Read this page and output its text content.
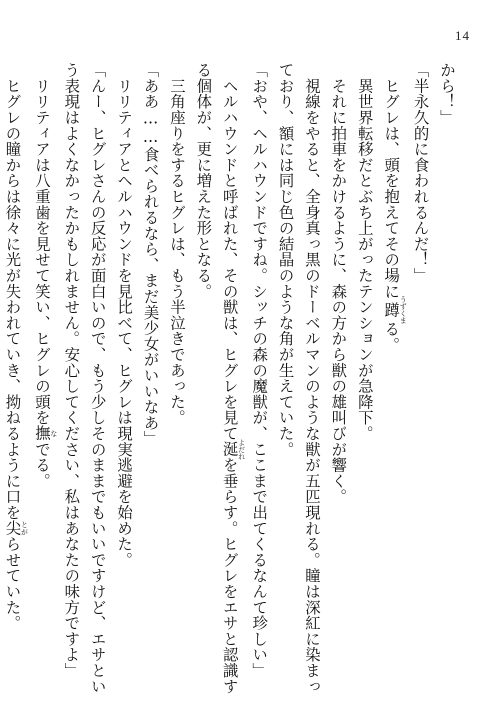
14
から！」
「半永久的に食われるんだ！」
　ヒグレは、頭を抱えてその場に蹲 うずくまる。
　異世界転移だとぶち上がったテンションが急降下。
　それに拍車をかけるように、森の方から獣の雄叫びが響く。
　視線をやると、全身真っ黒のドーベルマンのような獣が五匹現れる。瞳は深紅に染まっ
ており、額には同じ色の結晶のような角が生えていた。
「おや、ヘルハウンドですね。シッチの森の魔獣が、ここまで出てくるなんて珍しい」
　ヘルハウンドと呼ばれた、その獣は、ヒグレを見て涎 よだれを垂らす。ヒグレをエサと認識す
る個体が、更に増えた形となる。
　三角座りをするヒグレは、もう半泣きであった。
「ああ……食べられるなら、まだ美少女がいいなあ」
　リリティアとヘルハウンドを見比べて、ヒグレは現実逃避を始めた。
「んー、ヒグレさんの反応が面白いので、もう少しそのままでもいいですけど、エサとい
う表現はよくなかったかもしれません。安心してください、私はあなたの味方ですよ」
　リリティアは八重歯を見せて笑い、ヒグレの頭を撫 なでる。
　ヒグレの瞳からは徐々に光が失われていき、拗ねるように口を尖 とがらせていた。
